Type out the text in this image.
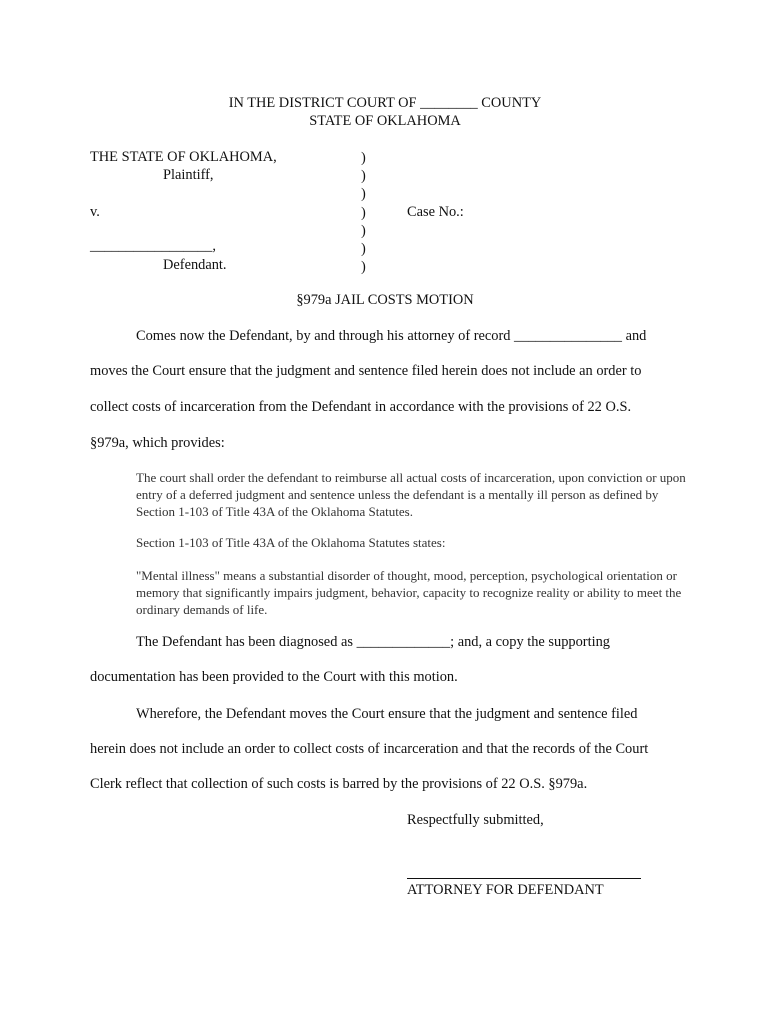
IN THE DISTRICT COURT OF ________ COUNTY
STATE OF OKLAHOMA
THE STATE OF OKLAHOMA,
Plaintiff,
v.
_________________,
Defendant.
)
)
)
)
)
)
)
Case No.:
§979a JAIL COSTS MOTION
Comes now the Defendant, by and through his attorney of record _______________ and
moves the Court ensure that the judgment and sentence filed herein does not include an order to
collect costs of incarceration from the Defendant in accordance with the provisions of 22 O.S.
§979a, which provides:
The court shall order the defendant to reimburse all actual costs of incarceration, upon conviction or upon entry of a deferred judgment and sentence unless the defendant is a mentally ill person as defined by Section 1-103 of Title 43A of the Oklahoma Statutes.
Section 1-103 of Title 43A of the Oklahoma Statutes states:
"Mental illness" means a substantial disorder of thought, mood, perception, psychological orientation or memory that significantly impairs judgment, behavior, capacity to recognize reality or ability to meet the ordinary demands of life.
The Defendant has been diagnosed as _____________; and, a copy the supporting
documentation has been provided to the Court with this motion.
Wherefore, the Defendant moves the Court ensure that the judgment and sentence filed
herein does not include an order to collect costs of incarceration and that the records of the Court
Clerk reflect that collection of such costs is barred by the provisions of 22 O.S. §979a.
Respectfully submitted,
ATTORNEY FOR DEFENDANT
